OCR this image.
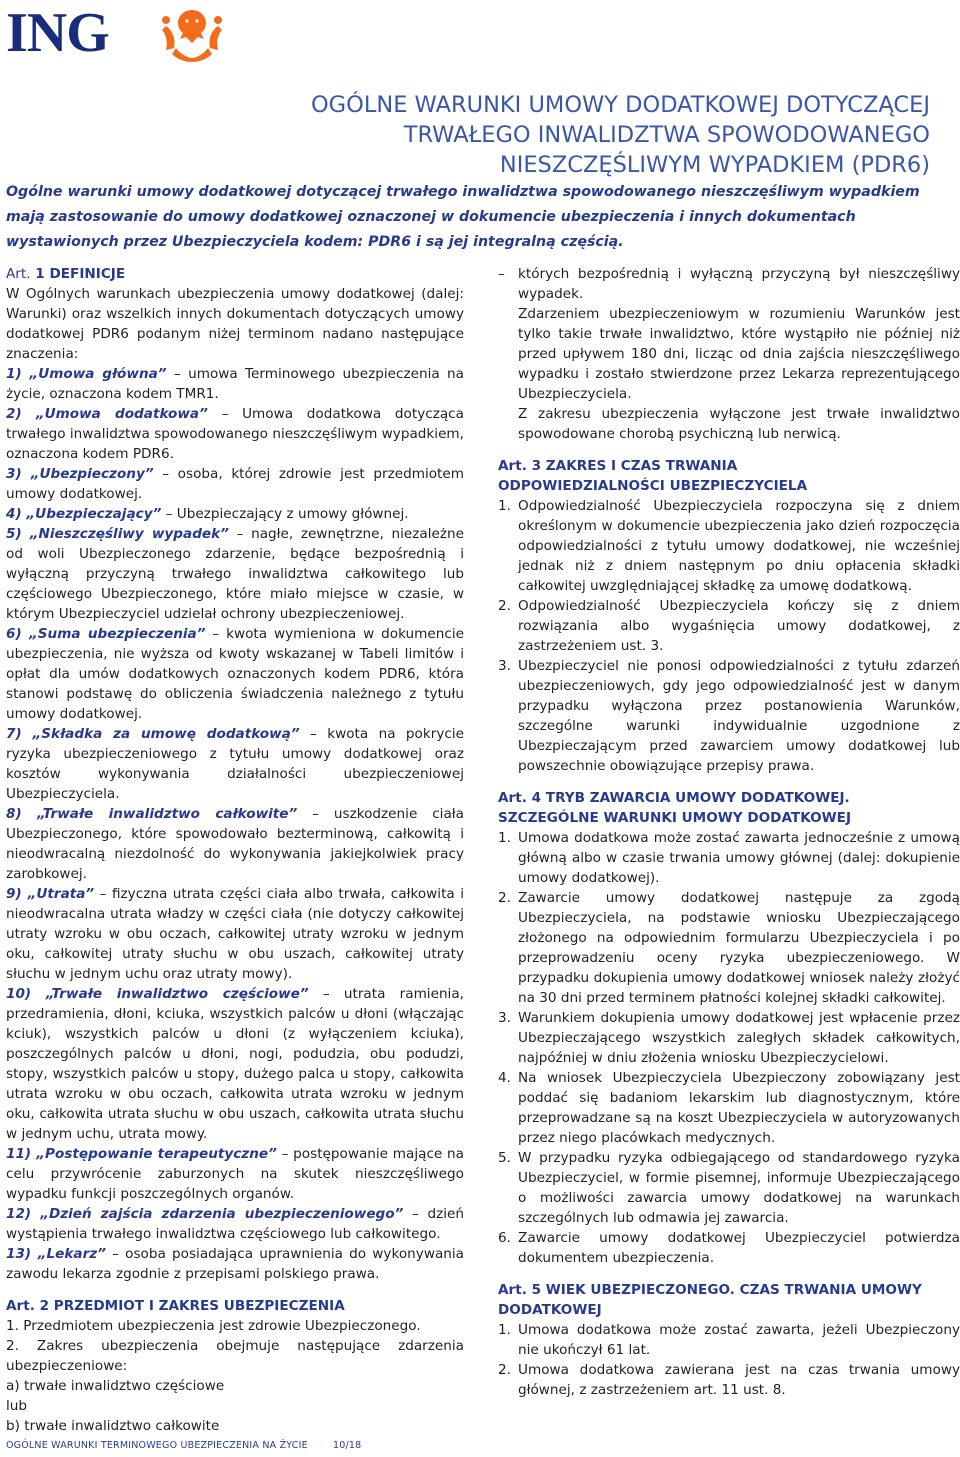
ING
OGÓLNE WARUNKI UMOWY DODATKOWEJ DOTYCZĄCEJ
TRWAŁEGO INWALIDZTWA SPOWODOWANEGO
NIESZCZĘŚLIWYM WYPADKIEM (PDR6)

Ogólne warunki umowy dodatkowej dotyczącej trwałego inwalidztwa spowodowanego nieszczęśliwym wypadkiem mają zastosowanie do umowy dodatkowej oznaczonej w dokumencie ubezpieczenia i innych dokumentach wystawionych przez Ubezpieczyciela kodem: PDR6 i są jej integralną częścią.

Art. 1 DEFINICJE

W Ogólnych warunkach ubezpieczenia umowy dodatkowej (dalej: Warunki) oraz wszelkich innych dokumentach dotyczących umowy dodatkowej PDR6 podanym niżej terminom nadano następujące znaczenia:

1) „Umowa główna” – umowa Terminowego ubezpieczenia na życie, oznaczona kodem TMR1.

2) „Umowa dodatkowa” – Umowa dodatkowa dotycząca trwałego inwalidztwa spowodowanego nieszczęśliwym wypadkiem, oznaczona kodem PDR6.

3) „Ubezpieczony” – osoba, której zdrowie jest przedmiotem umowy dodatkowej.

4) „Ubezpieczający” – Ubezpieczający z umowy głównej.

5) „Nieszczęśliwy wypadek” – nagłe, zewnętrzne, niezależne od woli Ubezpieczonego zdarzenie, będące bezpośrednią i wyłączną przyczyną trwałego inwalidztwa całkowitego lub częściowego Ubezpieczonego, które miało miejsce w czasie, w którym Ubezpieczyciel udzielał ochrony ubezpieczeniowej.

6) „Suma ubezpieczenia” – kwota wymieniona w dokumencie ubezpieczenia, nie wyższa od kwoty wskazanej w Tabeli limitów i opłat dla umów dodatkowych oznaczonych kodem PDR6, która stanowi podstawę do obliczenia świadczenia należnego z tytułu umowy dodatkowej.

7) „Składka za umowę dodatkową” – kwota na pokrycie ryzyka ubezpieczeniowego z tytułu umowy dodatkowej oraz kosztów wykonywania działalności ubezpieczeniowej Ubezpieczyciela.

8) „Trwałe inwalidztwo całkowite” – uszkodzenie ciała Ubezpieczonego, które spowodowało bezterminową, całkowitą i nieodwracalną niezdolność do wykonywania jakiejkolwiek pracy zarobkowej.

9) „Utrata” – fizyczna utrata części ciała albo trwała, całkowita i nieodwracalna utrata władzy w części ciała (nie dotyczy całkowitej utraty wzroku w obu oczach, całkowitej utraty wzroku w jednym oku, całkowitej utraty słuchu w obu uszach, całkowitej utraty słuchu w jednym uchu oraz utraty mowy).

10) „Trwałe inwalidztwo częściowe” – utrata ramienia, przedramienia, dłoni, kciuka, wszystkich palców u dłoni (włączając kciuk), wszystkich palców u dłoni (z wyłączeniem kciuka), poszczególnych palców u dłoni, nogi, podudzia, obu podudzi, stopy, wszystkich palców u stopy, dużego palca u stopy, całkowita utrata wzroku w obu oczach, całkowita utrata wzroku w jednym oku, całkowita utrata słuchu w obu uszach, całkowita utrata słuchu w jednym uchu, utrata mowy.

11) „Postępowanie terapeutyczne” – postępowanie mające na celu przywrócenie zaburzonych na skutek nieszczęśliwego wypadku funkcji poszczególnych organów.

12) „Dzień zajścia zdarzenia ubezpieczeniowego” – dzień wystąpienia trwałego inwalidztwa częściowego lub całkowitego.

13) „Lekarz” – osoba posiadająca uprawnienia do wykonywania zawodu lekarza zgodnie z przepisami polskiego prawa.

Art. 2 PRZEDMIOT I ZAKRES UBEZPIECZENIA

1. Przedmiotem ubezpieczenia jest zdrowie Ubezpieczonego.

2. Zakres ubezpieczenia obejmuje następujące zdarzenia ubezpieczeniowe:

a) trwałe inwalidztwo częściowe

lub

b) trwałe inwalidztwo całkowite

– których bezpośrednią i wyłączną przyczyną był nieszczęśliwy wypadek.

Zdarzeniem ubezpieczeniowym w rozumieniu Warunków jest tylko takie trwałe inwalidztwo, które wystąpiło nie później niż przed upływem 180 dni, licząc od dnia zajścia nieszczęśliwego wypadku i zostało stwierdzone przez Lekarza reprezentującego Ubezpieczyciela.

Z zakresu ubezpieczenia wyłączone jest trwałe inwalidztwo spowodowane chorobą psychiczną lub nerwicą.

Art. 3 ZAKRES I CZAS TRWANIA
ODPOWIEDZIALNOŚCI UBEZPIECZYCIELA
1. Odpowiedzialność Ubezpieczyciela rozpoczyna się z dniem określonym w dokumencie ubezpieczenia jako dzień rozpoczęcia odpowiedzialności z tytułu umowy dodatkowej, nie wcześniej jednak niż z dniem następnym po dniu opłacenia składki całkowitej uwzględniającej składkę za umowę dodatkową.
2. Odpowiedzialność Ubezpieczyciela kończy się z dniem rozwiązania albo wygaśnięcia umowy dodatkowej, z zastrzeżeniem ust. 3.
3. Ubezpieczyciel nie ponosi odpowiedzialności z tytułu zdarzeń ubezpieczeniowych, gdy jego odpowiedzialność jest w danym przypadku wyłączona przez postanowienia Warunków, szczególne warunki indywidualnie uzgodnione z Ubezpieczającym przed zawarciem umowy dodatkowej lub powszechnie obowiązujące przepisy prawa.
Art. 4 TRYB ZAWARCIA UMOWY DODATKOWEJ.
SZCZEGÓLNE WARUNKI UMOWY DODATKOWEJ
1. Umowa dodatkowa może zostać zawarta jednocześnie z umową główną albo w czasie trwania umowy głównej (dalej: dokupienie umowy dodatkowej).
2. Zawarcie umowy dodatkowej następuje za zgodą Ubezpieczyciela, na podstawie wniosku Ubezpieczającego złożonego na odpowiednim formularzu Ubezpieczyciela i po przeprowadzeniu oceny ryzyka ubezpieczeniowego. W przypadku dokupienia umowy dodatkowej wniosek należy złożyć na 30 dni przed terminem płatności kolejnej składki całkowitej.
3. Warunkiem dokupienia umowy dodatkowej jest wpłacenie przez Ubezpieczającego wszystkich zaległych składek całkowitych, najpóźniej w dniu złożenia wniosku Ubezpieczycielowi.
4. Na wniosek Ubezpieczyciela Ubezpieczony zobowiązany jest poddać się badaniom lekarskim lub diagnostycznym, które przeprowadzane są na koszt Ubezpieczyciela w autoryzowanych przez niego placówkach medycznych.
5. W przypadku ryzyka odbiegającego od standardowego ryzyka Ubezpieczyciel, w formie pisemnej, informuje Ubezpieczającego o możliwości zawarcia umowy dodatkowej na warunkach szczególnych lub odmawia jej zawarcia.
6. Zawarcie umowy dodatkowej Ubezpieczyciel potwierdza dokumentem ubezpieczenia.
Art. 5 WIEK UBEZPIECZONEGO. CZAS TRWANIA UMOWY DODATKOWEJ
1. Umowa dodatkowa może zostać zawarta, jeżeli Ubezpieczony nie ukończył 61 lat.
2. Umowa dodatkowa zawierana jest na czas trwania umowy głównej, z zastrzeżeniem art. 11 ust. 8.
OGÓLNE WARUNKI TERMINOWEGO UBEZPIECZENIA NA ŻYCIE	10/18
